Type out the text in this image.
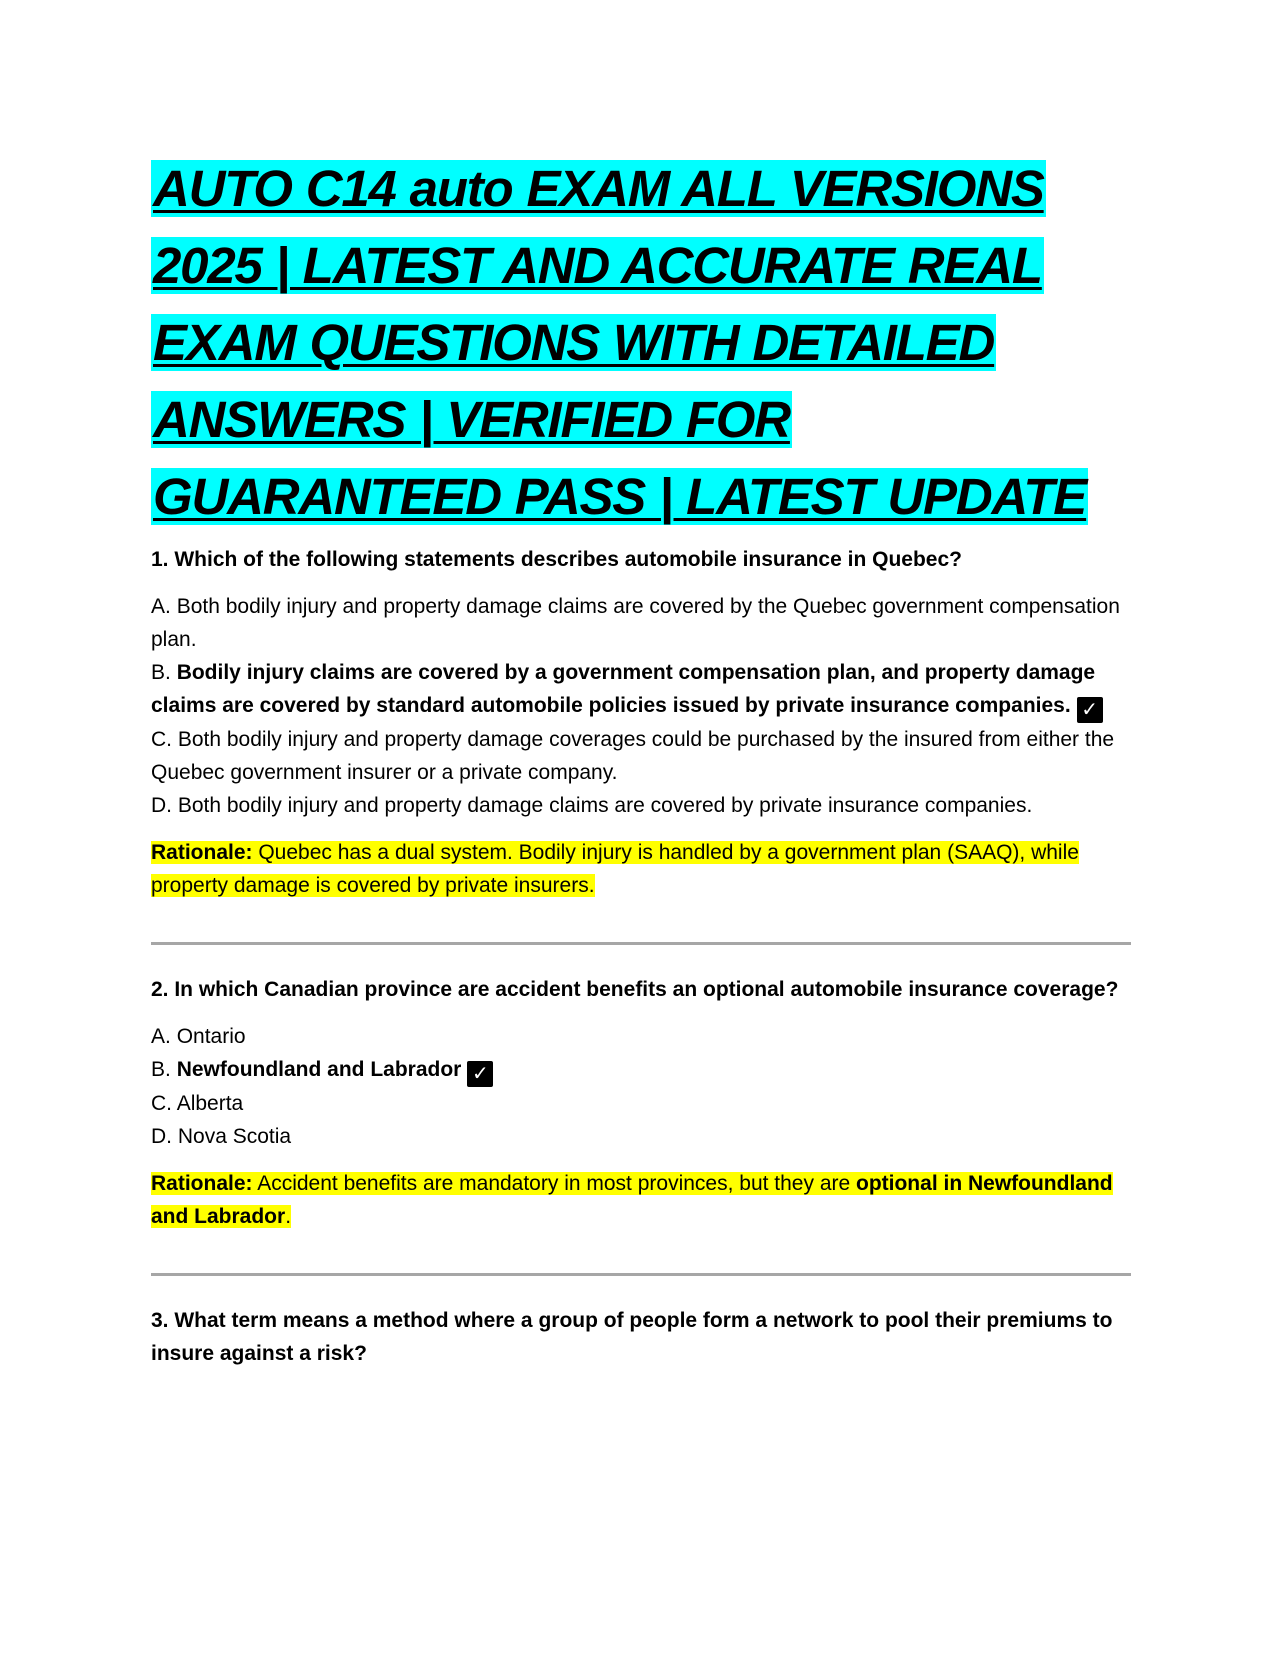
AUTO C14 auto EXAM ALL VERSIONS
2025 | LATEST AND ACCURATE REAL
EXAM QUESTIONS WITH DETAILED
ANSWERS | VERIFIED FOR
GUARANTEED PASS | LATEST UPDATE

1. Which of the following statements describes automobile insurance in Quebec?

A. Both bodily injury and property damage claims are covered by the Quebec government compensation plan.
B. Bodily injury claims are covered by a government compensation plan, and property damage claims are covered by standard automobile policies issued by private insurance companies. ✓
C. Both bodily injury and property damage coverages could be purchased by the insured from either the Quebec government insurer or a private company.
D. Both bodily injury and property damage claims are covered by private insurance companies.

Rationale: Quebec has a dual system. Bodily injury is handled by a government plan (SAAQ), while property damage is covered by private insurers.

2. In which Canadian province are accident benefits an optional automobile insurance coverage?

A. Ontario
B. Newfoundland and Labrador ✓
C. Alberta
D. Nova Scotia

Rationale: Accident benefits are mandatory in most provinces, but they are optional in Newfoundland and Labrador.

3. What term means a method where a group of people form a network to pool their premiums to insure against a risk?
